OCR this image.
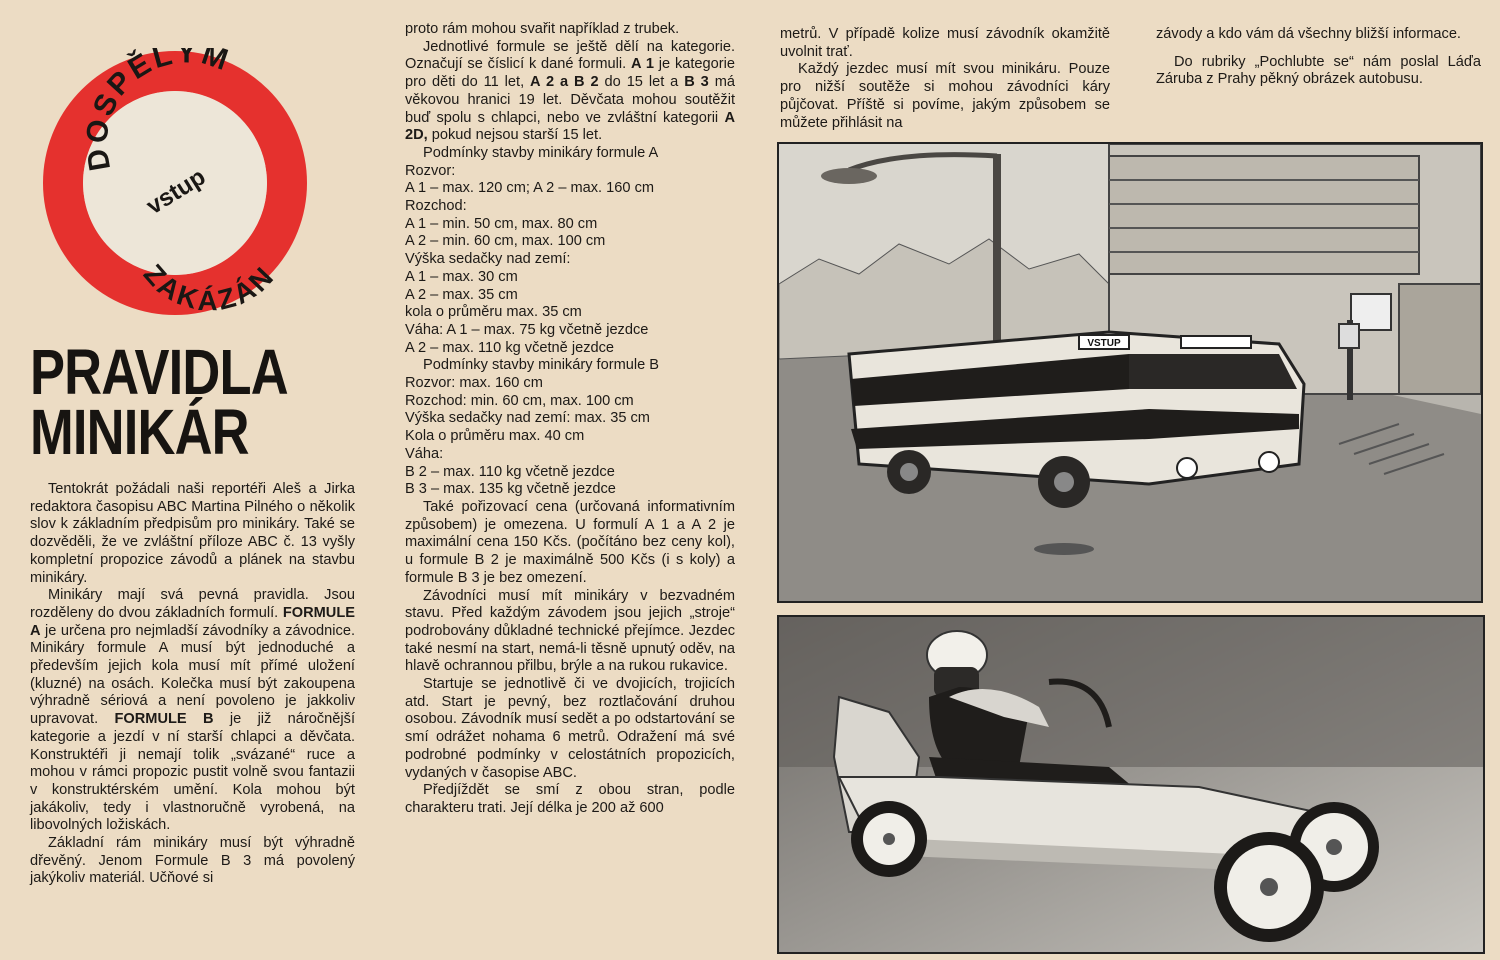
DOSPĚLÝM
vstup
ZAKÁZÁN
PRAVIDLA
MINIKÁR

Tentokrát požádali naši reportéři Aleš a Jirka redaktora časopisu ABC Martina Pilného o několik slov k základním předpisům pro minikáry. Také se dozvěděli, že ve zvláštní příloze ABC č. 13 vyšly kompletní propozice závodů a plánek na stavbu minikáry.

Minikáry mají svá pevná pravidla. Jsou rozděleny do dvou základních formulí. FORMULE A je určena pro nejmladší závodníky a závodnice. Minikáry formule A musí být jednoduché a především jejich kola musí mít přímé uložení (kluzné) na osách. Kolečka musí být zakoupena výhradně sériová a není povoleno je jakkoliv upravovat. FORMULE B je již náročnější kategorie a jezdí v ní starší chlapci a děvčata. Konstruktéři ji nemají tolik „svázané“ ruce a mohou v rámci propozic pustit volně svou fantazii v konstruktérském umění. Kola mohou být jakákoliv, tedy i vlastnoručně vyrobená, na libovolných ložiskách.

Základní rám minikáry musí být výhradně dřevěný. Jenom Formule B 3 má povolený jakýkoliv materiál. Učňové si

proto rám mohou svařit například z trubek.

Jednotlivé formule se ještě dělí na kategorie. Označují se číslicí k dané formuli. A 1 je kategorie pro děti do 11 let, A 2 a B 2 do 15 let a B 3 má věkovou hranici 19 let. Děvčata mohou soutěžit buď spolu s chlapci, nebo ve zvláštní kategorii A 2D, pokud nejsou starší 15 let.

Podmínky stavby minikáry formule A
Rozvor:
A 1 – max. 120 cm; A 2 – max. 160 cm
Rozchod:
A 1 – min. 50 cm, max. 80 cm
A 2 – min. 60 cm, max. 100 cm
Výška sedačky nad zemí:
A 1 – max. 30 cm
A 2 – max. 35 cm
kola o průměru max. 35 cm
Váha: A 1 – max. 75 kg včetně jezdce
A 2 – max. 110 kg včetně jezdce
Podmínky stavby minikáry formule B
Rozvor: max. 160 cm
Rozchod: min. 60 cm, max. 100 cm
Výška sedačky nad zemí: max. 35 cm
Kola o průměru max. 40 cm
Váha:
B 2 – max. 110 kg včetně jezdce
B 3 – max. 135 kg včetně jezdce

Také pořizovací cena (určovaná informativním způsobem) je omezena. U formulí A 1 a A 2 je maximální cena 150 Kčs. (počítáno bez ceny kol), u formule B 2 je maximálně 500 Kčs (i s koly) a formule B 3 je bez omezení.

Závodníci musí mít minikáry v bezvadném stavu. Před každým závodem jsou jejich „stroje“ podrobovány důkladné technické přejímce. Jezdec také nesmí na start, nemá-li těsně upnutý oděv, na hlavě ochrannou přilbu, brýle a na rukou rukavice.

Startuje se jednotlivě či ve dvojicích, trojicích atd. Start je pevný, bez roztlačování druhou osobou. Závodník musí sedět a po odstartování se smí odrážet nohama 6 metrů. Odražení má své podrobné podmínky v celostátních propozicích, vydaných v časopise ABC.

Předjíždět se smí z obou stran, podle charakteru trati. Její délka je 200 až 600

metrů. V případě kolize musí závodník okamžitě uvolnit trať.

Každý jezdec musí mít svou minikáru. Pouze pro nižší soutěže si mohou závodníci káry půjčovat. Příště si povíme, jakým způsobem se můžete přihlásit na

závody a kdo vám dá všechny bližší informace.

Do rubriky „Pochlubte se“ nám poslal Láďa Záruba z Prahy pěkný obrázek autobusu.

VSTUP
